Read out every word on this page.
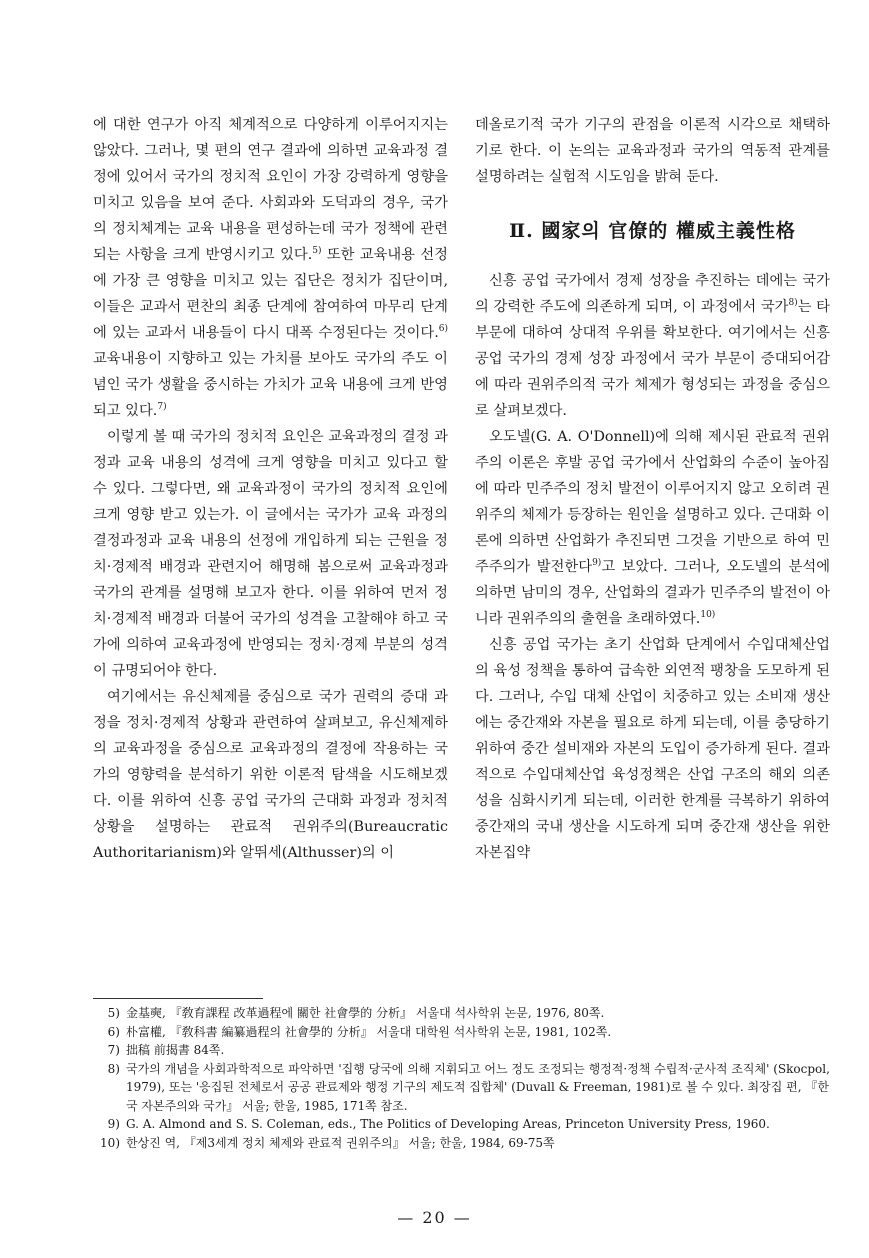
에 대한 연구가 아직 체계적으로 다양하게 이루어지지는 않았다. 그러나, 몇 편의 연구 결과에 의하면 교육과정 결정에 있어서 국가의 정치적 요인이 가장 강력하게 영향을 미치고 있음을 보여 준다. 사회과와 도덕과의 경우, 국가의 정치체계는 교육 내용을 편성하는데 국가 정책에 관련되는 사항을 크게 반영시키고 있다.$^{5)}$ 또한 교육내용 선정에 가장 큰 영향을 미치고 있는 집단은 정치가 집단이며, 이들은 교과서 편찬의 최종 단계에 참여하여 마무리 단계에 있는 교과서 내용들이 다시 대폭 수정된다는 것이다.$^{6)}$ 교육내용이 지향하고 있는 가치를 보아도 국가의 주도 이념인 국가 생활을 중시하는 가치가 교육 내용에 크게 반영되고 있다.$^{7)}$

이렇게 볼 때 국가의 정치적 요인은 교육과정의 결정 과정과 교육 내용의 성격에 크게 영향을 미치고 있다고 할 수 있다. 그렇다면, 왜 교육과정이 국가의 정치적 요인에 크게 영향 받고 있는가. 이 글에서는 국가가 교육 과정의 결정과정과 교육 내용의 선정에 개입하게 되는 근원을 정치·경제적 배경과 관련지어 해명해 봄으로써 교육과정과 국가의 관계를 설명해 보고자 한다. 이를 위하여 먼저 정치·경제적 배경과 더불어 국가의 성격을 고찰해야 하고 국가에 의하여 교육과정에 반영되는 정치·경제 부분의 성격이 규명되어야 한다.

여기에서는 유신체제를 중심으로 국가 권력의 증대 과정을 정치·경제적 상황과 관련하여 살펴보고, 유신체제하의 교육과정을 중심으로 교육과정의 결정에 작용하는 국가의 영향력을 분석하기 위한 이론적 탐색을 시도해보겠다. 이를 위하여 신흥 공업 국가의 근대화 과정과 정치적 상황을 설명하는 관료적 권위주의(Bureaucratic Authoritarianism)와 알뛰세(Althusser)의 이

데올로기적 국가 기구의 관점을 이론적 시각으로 채택하기로 한다. 이 논의는 교육과정과 국가의 역동적 관계를 설명하려는 실험적 시도임을 밝혀 둔다.

Ⅱ. 國家의 官僚的 權威主義性格

신흥 공업 국가에서 경제 성장을 추진하는 데에는 국가의 강력한 주도에 의존하게 되며, 이 과정에서 국가$^{8)}$는 타 부문에 대하여 상대적 우위를 확보한다. 여기에서는 신흥 공업 국가의 경제 성장 과정에서 국가 부문이 증대되어감에 따라 권위주의적 국가 체제가 형성되는 과정을 중심으로 살펴보겠다.

오도넬(G. A. O'Donnell)에 의해 제시된 관료적 권위주의 이론은 후발 공업 국가에서 산업화의 수준이 높아짐에 따라 민주주의 정치 발전이 이루어지지 않고 오히려 권위주의 체제가 등장하는 원인을 설명하고 있다. 근대화 이론에 의하면 산업화가 추진되면 그것을 기반으로 하여 민주주의가 발전한다$^{9)}$고 보았다. 그러나, 오도넬의 분석에 의하면 남미의 경우, 산업화의 결과가 민주주의 발전이 아니라 권위주의의 출현을 초래하였다.$^{10)}$

신흥 공업 국가는 초기 산업화 단계에서 수입대체산업의 육성 정책을 통하여 급속한 외연적 팽창을 도모하게 된다. 그러나, 수입 대체 산업이 치중하고 있는 소비재 생산에는 중간재와 자본을 필요로 하게 되는데, 이를 충당하기 위하여 중간 설비재와 자본의 도입이 증가하게 된다. 결과적으로 수입대체산업 육성정책은 산업 구조의 해외 의존성을 심화시키게 되는데, 이러한 한계를 극복하기 위하여 중간재의 국내 생산을 시도하게 되며 중간재 생산을 위한 자본집약

5) 金基奭, 『敎育課程 改革過程에 關한 社會學的 分析』 서울대 석사학위 논문, 1976, 80쪽.
6) 朴富權, 『敎科書 編纂過程의 社會學的 分析』 서울대 대학원 석사학위 논문, 1981, 102쪽.
7) 拙稿 前揭書 84쪽.
8) 국가의 개념을 사회과학적으로 파악하면 '집행 당국에 의해 지휘되고 어느 정도 조정되는 행정적·정책 수립적·군사적 조직체' (Skocpol, 1979), 또는 '응집된 전체로서 공공 관료제와 행정 기구의 제도적 집합체' (Duvall & Freeman, 1981)로 볼 수 있다. 최장집 편, 『한국 자본주의와 국가』 서울; 한울, 1985, 171쪽 참조.
9) G. A. Almond and S. S. Coleman, eds., The Politics of Developing Areas, Princeton University Press, 1960.
10) 한상진 역, 『제3세계 정치 체제와 관료적 권위주의』 서울; 한울, 1984, 69-75쪽
— 20 —
